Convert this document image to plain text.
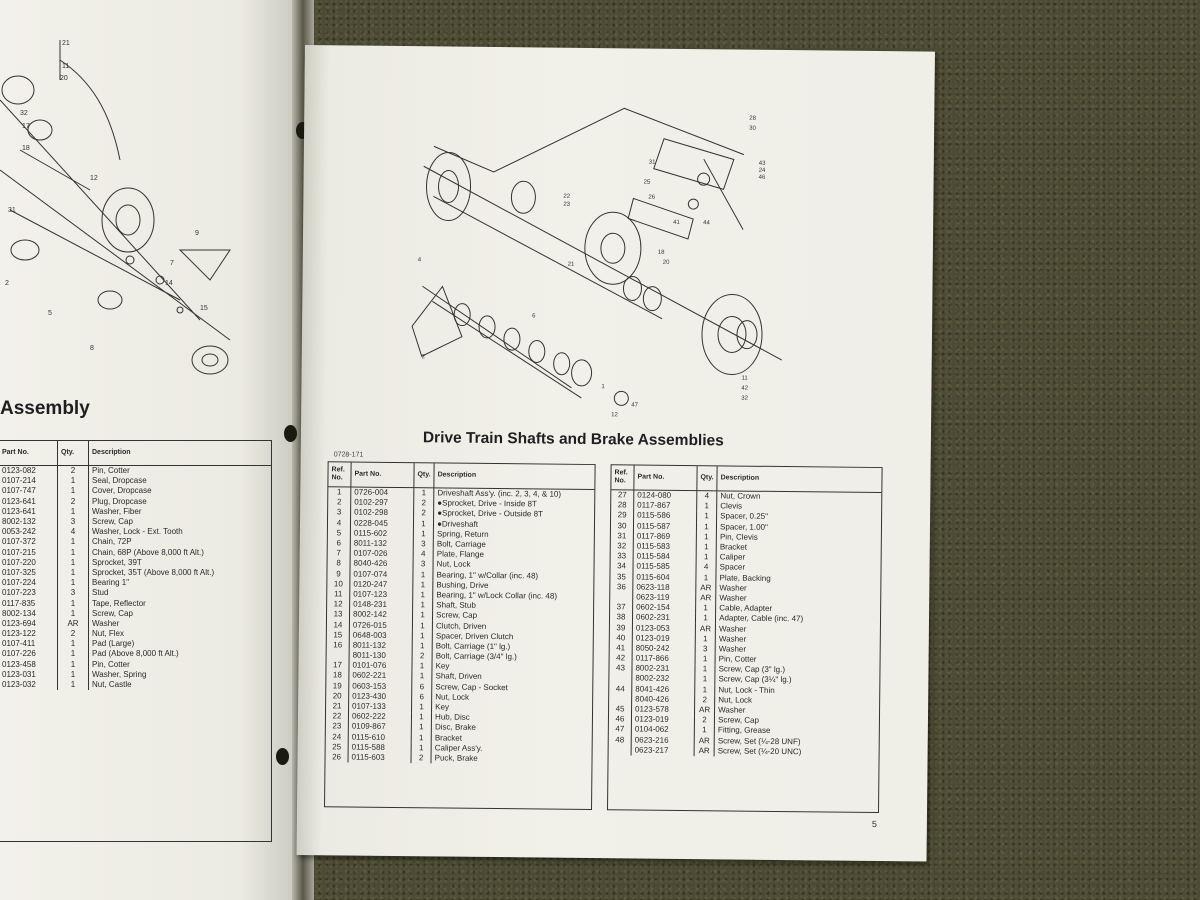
21
11
20
32
17
18
12
31
9
7
14
15
5
8
2
Assembly
Part No.	Qty.	Description
0123-082	2	Pin, Cotter
0107-214	1	Seal, Dropcase
0107-747	1	Cover, Dropcase
0123-641	2	Plug, Dropcase
0123-641	1	Washer, Fiber
8002-132	3	Screw, Cap
0053-242	4	Washer, Lock - Ext. Tooth
0107-372	1	Chain, 72P
0107-215	1	Chain, 68P (Above 8,000 ft Alt.)
0107-220	1	Sprocket, 39T
0107-325	1	Sprocket, 35T (Above 8,000 ft Alt.)
0107-224	1	Bearing 1"
0107-223	3	Stud
0117-835	1	Tape, Reflector
8002-134	1	Screw, Cap
0123-694	AR	Washer
0123-122	2	Nut, Flex
0107-411	1	Pad (Large)
0107-226	1	Pad (Above 8,000 ft Alt.)
0123-458	1	Pin, Cotter
0123-031	1	Washer, Spring
0123-032	1	Nut, Castle
28
30
43
24
46
31
25
26
41	44
22
23
21
18
20
6
2
1
12
47
11
42
32
4
Drive Train Shafts and Brake Assemblies
0728-171
Ref. No.	Part No.	Qty.	Description
1	0726-004	1	Driveshaft Ass'y. (inc. 2, 3, 4, & 10)
2	0102-297	2	●Sprocket, Drive - Inside 8T
3	0102-298	2	●Sprocket, Drive - Outside 8T
4	0228-045	1	●Driveshaft
5	0115-602	1	Spring, Return
6	8011-132	3	Bolt, Carriage
7	0107-026	4	Plate, Flange
8	8040-426	3	Nut, Lock
9	0107-074	1	Bearing, 1" w/Collar (inc. 48)
10	0120-247	1	Bushing, Drive
11	0107-123	1	Bearing, 1" w/Lock Collar (inc. 48)
12	0148-231	1	Shaft, Stub
13	8002-142	1	Screw, Cap
14	0726-015	1	Clutch, Driven
15	0648-003	1	Spacer, Driven Clutch
16	8011-132	1	Bolt, Carriage (1" lg.)
	8011-130	2	Bolt, Carriage (3/4" lg.)
17	0101-076	1	Key
18	0602-221	1	Shaft, Driven
19	0603-153	6	Screw, Cap - Socket
20	0123-430	6	Nut, Lock
21	0107-133	1	Key
22	0602-222	1	Hub, Disc
23	0109-867	1	Disc, Brake
24	0115-610	1	Bracket
25	0115-588	1	Caliper Ass'y.
26	0115-603	2	Puck, Brake
Ref. No.	Part No.	Qty.	Description
27	0124-080	4	Nut, Crown
28	0117-867	1	Clevis
29	0115-586	1	Spacer, 0.25"
30	0115-587	1	Spacer, 1.00"
31	0117-869	1	Pin, Clevis
32	0115-583	1	Bracket
33	0115-584	1	Caliper
34	0115-585	4	Spacer
35	0115-604	1	Plate, Backing
36	0623-118	AR	Washer
	0623-119	AR	Washer
37	0602-154	1	Cable, Adapter
38	0602-231	1	Adapter, Cable (inc. 47)
39	0123-053	AR	Washer
40	0123-019	1	Washer
41	8050-242	3	Washer
42	0117-866	1	Pin, Cotter
43	8002-231	1	Screw, Cap (3" lg.)
	8002-232	1	Screw, Cap (3¼" lg.)
44	8041-426	1	Nut, Lock - Thin
	8040-426	2	Nut, Lock
45	0123-578	AR	Washer
46	0123-019	2	Screw, Cap
47	0104-062	1	Fitting, Grease
48	0623-216	AR	Screw, Set (¼-28 UNF)
	0623-217	AR	Screw, Set (¼-20 UNC)
5
